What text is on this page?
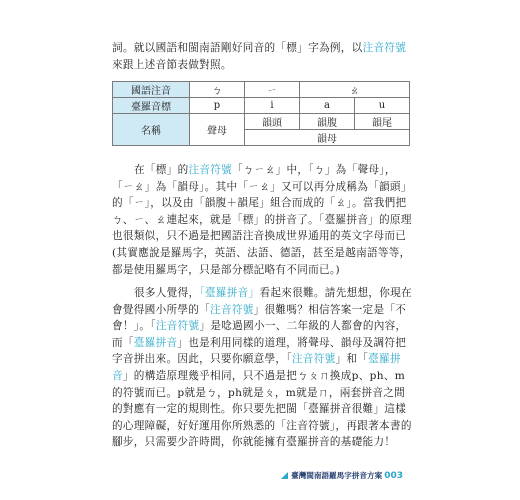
詞。就以國語和閩南語剛好同音的「標」字為例，以注音符號來跟上述音節表做對照。

國語注音	ㄅ	ㄧ	ㄠ	
臺羅音標	p	i	a	u
名稱	聲母	韻頭	韻腹	韻尾
		韻母		

在「標」的注音符號「ㄅㄧㄠ」中，「ㄅ」為「聲母」，「ㄧㄠ」為「韻母」。其中「ㄧㄠ」又可以再分成稱為「韻頭」的「ㄧ」，以及由「韻腹＋韻尾」組合而成的「ㄠ」。當我們把ㄅ、ㄧ、ㄠ連起來，就是「標」的拼音了。「臺羅拼音」的原理也很類似，只不過是把國語注音換成世界通用的英文字母而已(其實應說是羅馬字，英語、法語、德語，甚至是越南語等等，都是使用羅馬字，只是部分標記略有不同而已。)

很多人覺得，「臺羅拼音」看起來很難。請先想想，你現在會覺得國小所學的「注音符號」很難嗎？相信答案一定是「不會！」。「注音符號」是唸過國小一、二年級的人都會的內容，而「臺羅拼音」也是利用同樣的道理，將聲母、韻母及調符把字音拼出來。因此，只要你願意學，「注音符號」和「臺羅拼音」的構造原理幾乎相同，只不過是把ㄅㄆㄇ換成p、ph、m的符號而已。p就是ㄅ，ph就是ㄆ，m就是ㄇ，兩套拼音之間的對應有一定的規則性。你只要先把閩「臺羅拼音很難」這樣的心理障礙，好好運用你所熟悉的「注音符號」，再跟著本書的腳步，只需要少許時間，你就能擁有臺羅拼音的基礎能力！

臺灣閩南語羅馬字拼音方案 003
